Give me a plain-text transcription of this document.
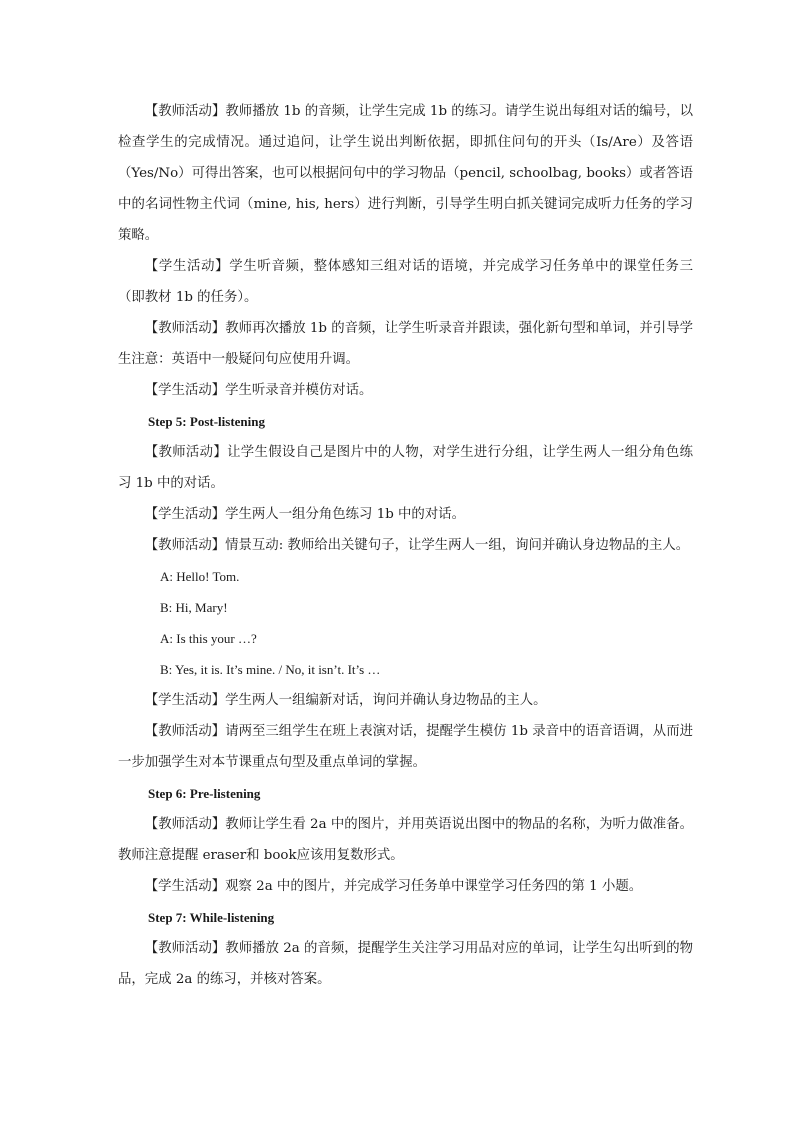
【教师活动】教师播放 1b 的音频，让学生完成 1b 的练习。请学生说出每组对话的编号，以检查学生的完成情况。通过追问，让学生说出判断依据，即抓住问句的开头（Is/Are）及答语（Yes/No）可得出答案，也可以根据问句中的学习物品（pencil, schoolbag, books）或者答语中的名词性物主代词（mine, his, hers）进行判断，引导学生明白抓关键词完成听力任务的学习策略。

【学生活动】学生听音频，整体感知三组对话的语境，并完成学习任务单中的课堂任务三（即教材 1b 的任务）。

【教师活动】教师再次播放 1b 的音频，让学生听录音并跟读，强化新句型和单词，并引导学生注意：英语中一般疑问句应使用升调。

【学生活动】学生听录音并模仿对话。

Step 5: Post-listening

【教师活动】让学生假设自己是图片中的人物，对学生进行分组，让学生两人一组分角色练习 1b 中的对话。

【学生活动】学生两人一组分角色练习 1b 中的对话。

【教师活动】情景互动: 教师给出关键句子，让学生两人一组，询问并确认身边物品的主人。

A: Hello! Tom.

B: Hi, Mary!

A: Is this your …?

B: Yes, it is. It’s mine. / No, it isn’t. It’s …

【学生活动】学生两人一组编新对话，询问并确认身边物品的主人。

【教师活动】请两至三组学生在班上表演对话，提醒学生模仿 1b 录音中的语音语调，从而进一步加强学生对本节课重点句型及重点单词的掌握。

Step 6: Pre-listening

【教师活动】教师让学生看 2a 中的图片，并用英语说出图中的物品的名称，为听力做准备。教师注意提醒 eraser和 book应该用复数形式。

【学生活动】观察 2a 中的图片，并完成学习任务单中课堂学习任务四的第 1 小题。

Step 7: While-listening

【教师活动】教师播放 2a 的音频，提醒学生关注学习用品对应的单词，让学生勾出听到的物品，完成 2a 的练习，并核对答案。
